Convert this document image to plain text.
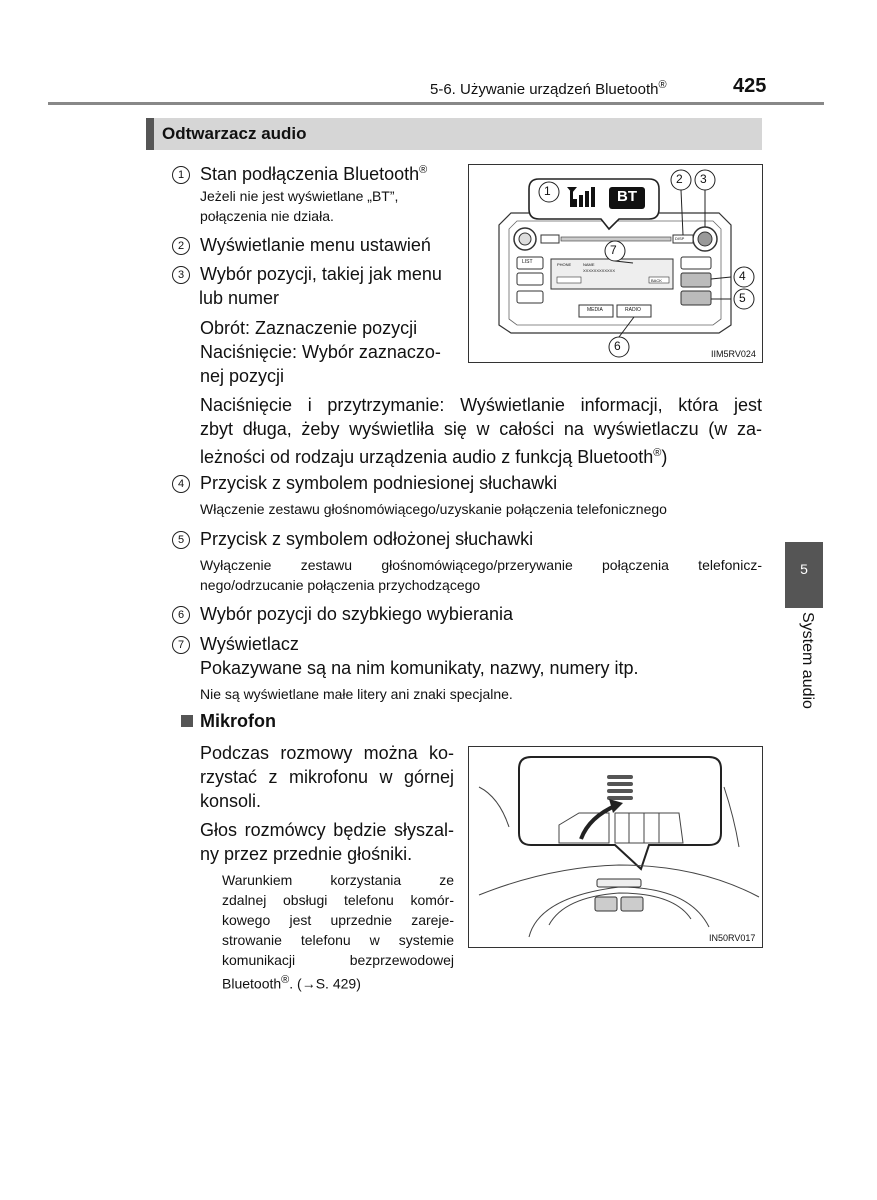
5-6. Używanie urządzeń Bluetooth®	425
Odtwarzacz audio
1 Stan podłączenia Bluetooth®
Jeżeli nie jest wyświetlane „BT”,
połączenia nie działa.
2 Wyświetlanie menu ustawień
3 Wybór pozycji, takiej jak menu
lub numer
Obrót: Zaznaczenie pozycji
Naciśnięcie: Wybór zaznaczo-
nej pozycji
Naciśnięcie i przytrzymanie: Wyświetlanie informacji, która jest
zbyt długa, żeby wyświetliła się w całości na wyświetlaczu (w za-
leżności od rodzaju urządzenia audio z funkcją Bluetooth®)
4 Przycisk z symbolem podniesionej słuchawki
Włączenie zestawu głośnomówiącego/uzyskanie połączenia telefonicznego
5 Przycisk z symbolem odłożonej słuchawki
Wyłączenie zestawu głośnomówiącego/przerywanie połączenia telefonicz-
nego/odrzucanie połączenia przychodzącego
6 Wybór pozycji do szybkiego wybierania
7 Wyświetlacz
Pokazywane są na nim komunikaty, nazwy, numery itp.
Nie są wyświetlane małe litery ani znaki specjalne.
Mikrofon
Podczas rozmowy można ko-
rzystać z mikrofonu w górnej
konsoli.
Głos rozmówcy będzie słyszal-
ny przez przednie głośniki.
Warunkiem korzystania ze
zdalnej obsługi telefonu komór-
kowego jest uprzednie zareje-
strowanie telefonu w systemie
komunikacji bezprzewodowej
Bluetooth®. (→S. 429)
BT
1
2 3
4
5
6
7
LIST
MEDIA	RADIO
BACK
DISP
PHONE	NAME
XXXXXXXXXXXX
IIM5RV024
IN50RV017
5
System audio
